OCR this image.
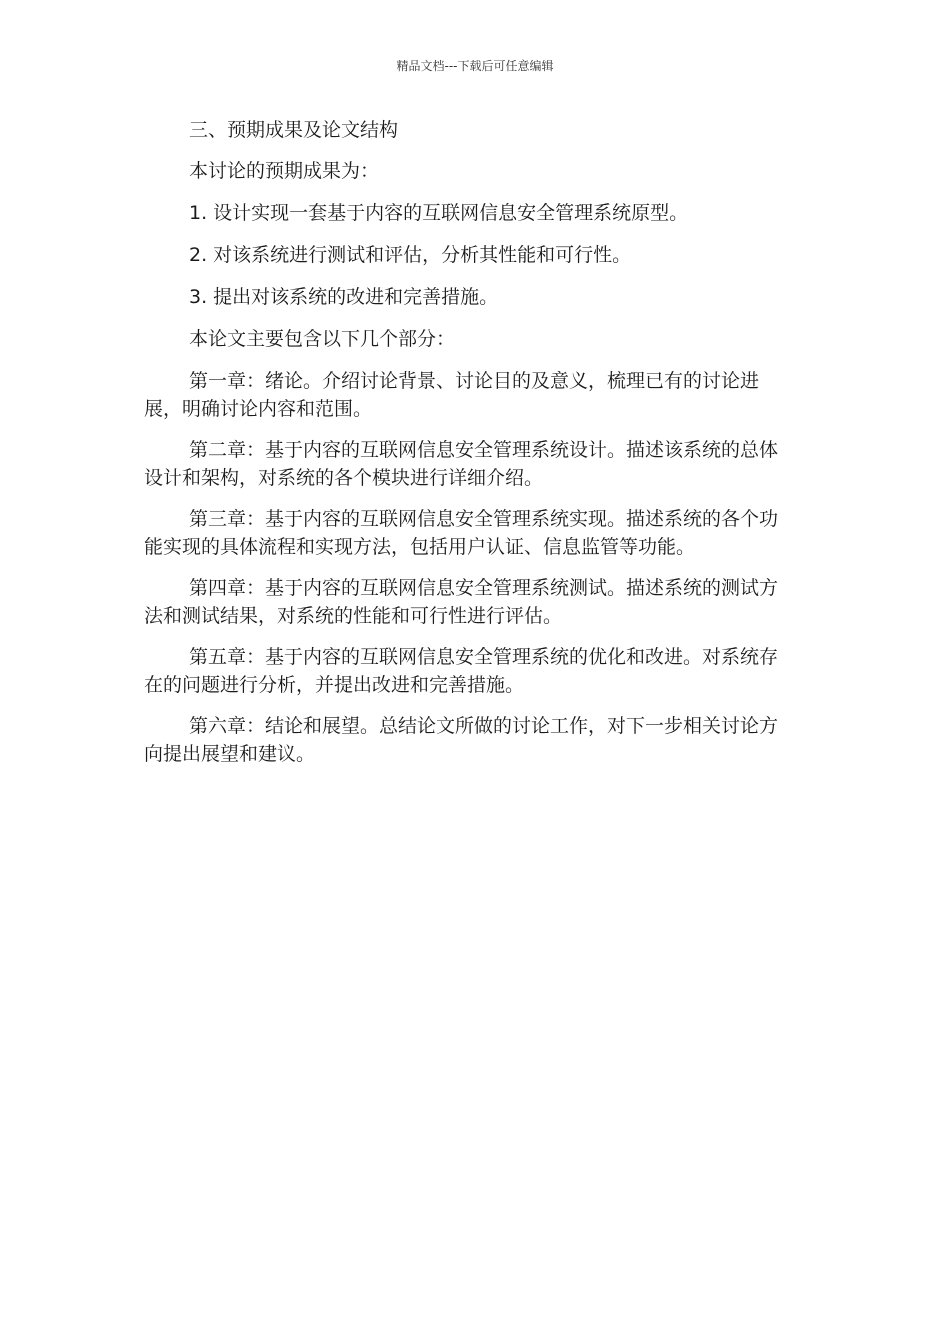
精品文档---下载后可任意编辑

三、预期成果及论文结构

本讨论的预期成果为：

1. 设计实现一套基于内容的互联网信息安全管理系统原型。

2. 对该系统进行测试和评估，分析其性能和可行性。

3. 提出对该系统的改进和完善措施。

本论文主要包含以下几个部分：

第一章：绪论。介绍讨论背景、讨论目的及意义，梳理已有的讨论进展，明确讨论内容和范围。

第二章：基于内容的互联网信息安全管理系统设计。描述该系统的总体设计和架构，对系统的各个模块进行详细介绍。

第三章：基于内容的互联网信息安全管理系统实现。描述系统的各个功能实现的具体流程和实现方法，包括用户认证、信息监管等功能。

第四章：基于内容的互联网信息安全管理系统测试。描述系统的测试方法和测试结果，对系统的性能和可行性进行评估。

第五章：基于内容的互联网信息安全管理系统的优化和改进。对系统存在的问题进行分析，并提出改进和完善措施。

第六章：结论和展望。总结论文所做的讨论工作，对下一步相关讨论方向提出展望和建议。
